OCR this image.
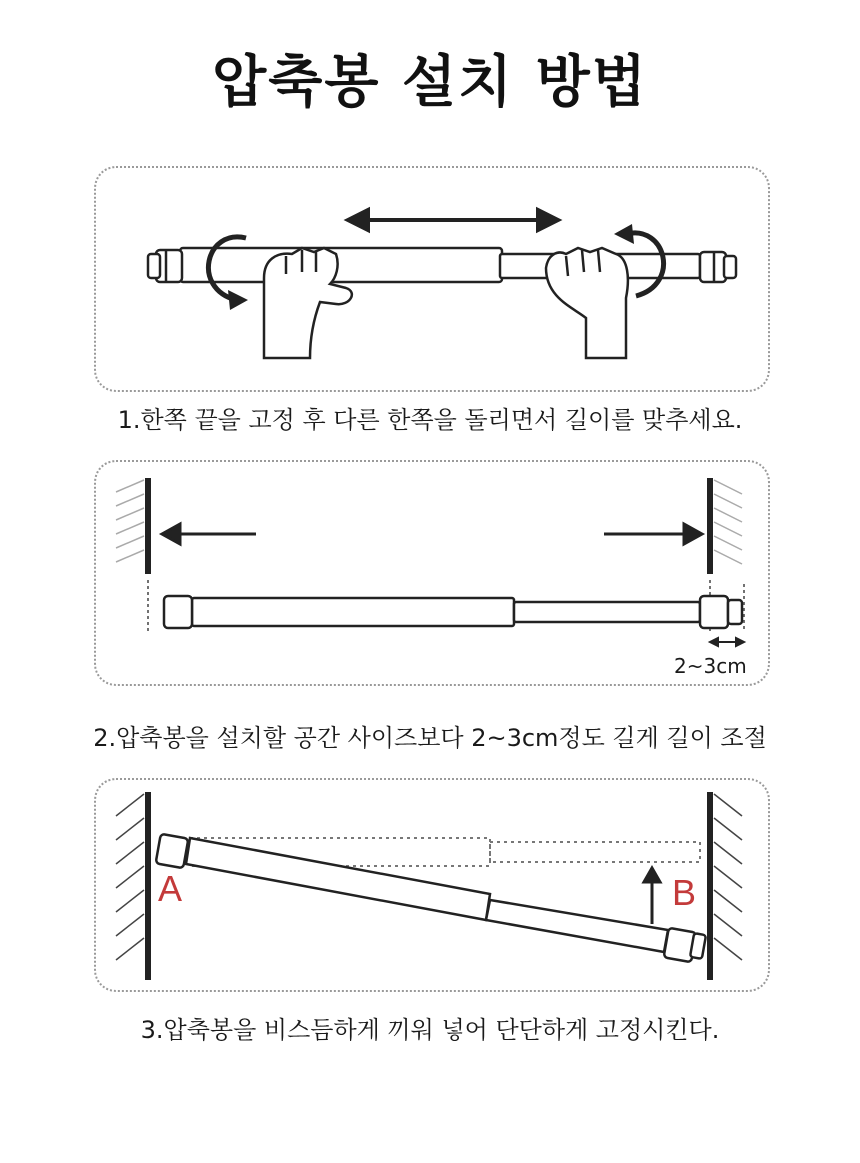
압축봉 설치 방법
1.한쪽 끝을 고정 후 다른 한쪽을 돌리면서 길이를 맞추세요.
2~3cm
2.압축봉을 설치할 공간 사이즈보다 2~3cm정도 길게 길이 조절
A	B
3.압축봉을 비스듬하게 끼워 넣어 단단하게 고정시킨다.
